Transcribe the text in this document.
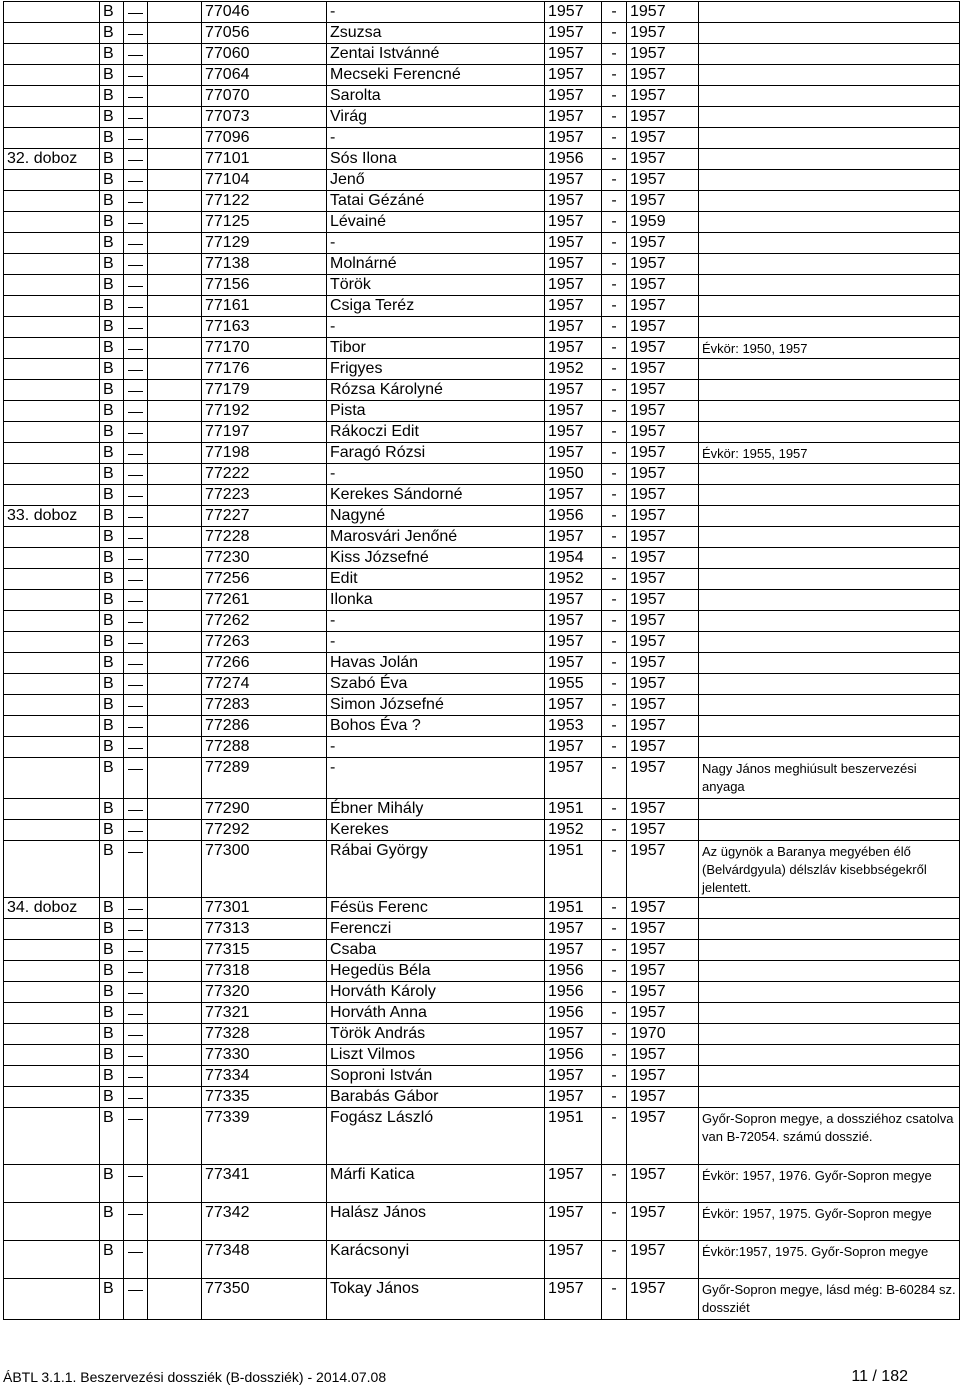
	B			77046	-	1957	-	1957	
	B			77056	Zsuzsa	1957	-	1957	
	B			77060	Zentai Istvánné	1957	-	1957	
	B			77064	Mecseki Ferencné	1957	-	1957	
	B			77070	Sarolta	1957	-	1957	
	B			77073	Virág	1957	-	1957	
	B			77096	-	1957	-	1957	
32. doboz	B			77101	Sós Ilona	1956	-	1957	
	B			77104	Jenő	1957	-	1957	
	B			77122	Tatai Gézáné	1957	-	1957	
	B			77125	Lévainé	1957	-	1959	
	B			77129	-	1957	-	1957	
	B			77138	Molnárné	1957	-	1957	
	B			77156	Török	1957	-	1957	
	B			77161	Csiga Teréz	1957	-	1957	
	B			77163	-	1957	-	1957	
	B			77170	Tibor	1957	-	1957	Évkör: 1950, 1957
	B			77176	Frigyes	1952	-	1957	
	B			77179	Rózsa Károlyné	1957	-	1957	
	B			77192	Pista	1957	-	1957	
	B			77197	Rákoczi Edit	1957	-	1957	
	B			77198	Faragó Rózsi	1957	-	1957	Évkör: 1955, 1957
	B			77222	-	1950	-	1957	
	B			77223	Kerekes Sándorné	1957	-	1957	
33. doboz	B			77227	Nagyné	1956	-	1957	
	B			77228	Marosvári Jenőné	1957	-	1957	
	B			77230	Kiss Józsefné	1954	-	1957	
	B			77256	Edit	1952	-	1957	
	B			77261	Ilonka	1957	-	1957	
	B			77262	-	1957	-	1957	
	B			77263	-	1957	-	1957	
	B			77266	Havas Jolán	1957	-	1957	
	B			77274	Szabó Éva	1955	-	1957	
	B			77283	Simon Józsefné	1957	-	1957	
	B			77286	Bohos Éva ?	1953	-	1957	
	B			77288	-	1957	-	1957	
	B			77289	-	1957	-	1957	Nagy János meghiúsult beszervezési anyaga
	B			77290	Ébner Mihály	1951	-	1957	
	B			77292	Kerekes	1952	-	1957	
	B			77300	Rábai György	1951	-	1957	Az ügynök a Baranya megyében élő (Belvárdgyula) délszláv kisebbségekről jelentett.
34. doboz	B			77301	Fésüs Ferenc	1951	-	1957	
	B			77313	Ferenczi	1957	-	1957	
	B			77315	Csaba	1957	-	1957	
	B			77318	Hegedüs Béla	1956	-	1957	
	B			77320	Horváth Károly	1956	-	1957	
	B			77321	Horváth Anna	1956	-	1957	
	B			77328	Török András	1957	-	1970	
	B			77330	Liszt Vilmos	1956	-	1957	
	B			77334	Soproni István	1957	-	1957	
	B			77335	Barabás Gábor	1957	-	1957	
	B			77339	Fogász László	1951	-	1957	Győr-Sopron megye, a dossziéhoz csatolva van B-72054. számú dosszié.
	B			77341	Márfi Katica	1957	-	1957	Évkör: 1957, 1976. Győr-Sopron megye
	B			77342	Halász János	1957	-	1957	Évkör: 1957, 1975. Győr-Sopron megye
	B			77348	Karácsonyi	1957	-	1957	Évkör:1957, 1975. Győr-Sopron megye
	B			77350	Tokay János	1957	-	1957	Győr-Sopron megye, lásd még: B-60284 sz. dossziét
ÁBTL 3.1.1. Beszervezési dossziék (B-dossziék) - 2014.07.08	11 / 182
